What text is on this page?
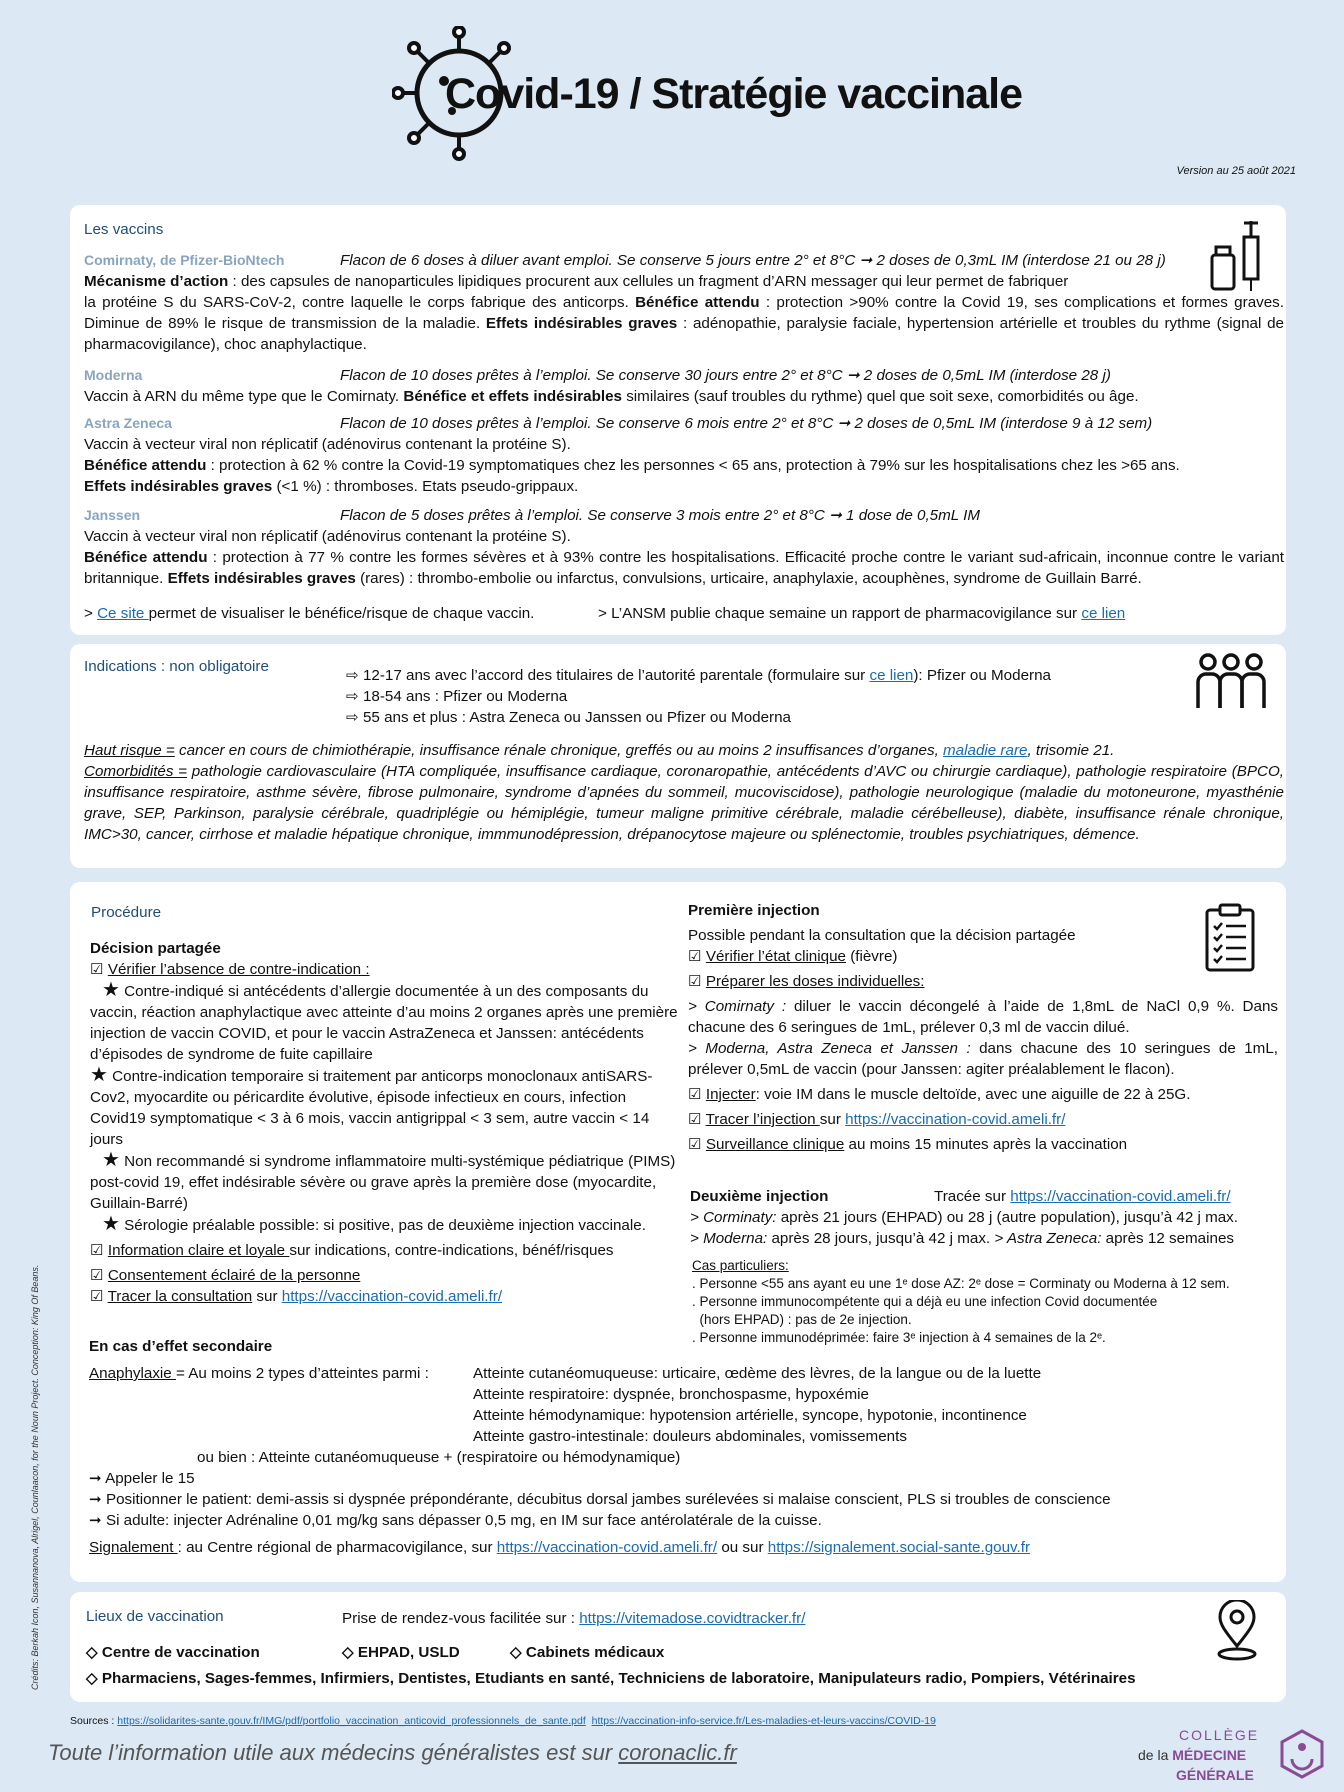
Covid-19 / Stratégie vaccinale
Version au 25 août 2021
Les vaccins
Comirnaty, de Pfizer-BioNtech	Flacon de 6 doses à diluer avant emploi. Se conserve 5 jours entre 2° et 8°C ➞ 2 doses de 0,3mL IM (interdose 21 ou 28 j)
Mécanisme d’action : des capsules de nanoparticules lipidiques procurent aux cellules un fragment d’ARN messager qui leur permet de fabriquer
la protéine S du SARS-CoV-2, contre laquelle le corps fabrique des anticorps. Bénéfice attendu : protection >90% contre la Covid 19, ses complications et formes graves. Diminue de 89% le risque de transmission de la maladie. Effets indésirables graves : adénopathie, paralysie faciale, hypertension artérielle et troubles du rythme (signal de pharmacovigilance), choc anaphylactique.
Moderna	Flacon de 10 doses prêtes à l’emploi. Se conserve 30 jours entre 2° et 8°C ➞ 2 doses de 0,5mL IM (interdose 28 j)
Vaccin à ARN du même type que le Comirnaty. Bénéfice et effets indésirables similaires (sauf troubles du rythme) quel que soit sexe, comorbidités ou âge.
Astra Zeneca	Flacon de 10 doses prêtes à l’emploi. Se conserve 6 mois entre 2° et 8°C ➞ 2 doses de 0,5mL IM (interdose 9 à 12 sem)
Vaccin à vecteur viral non réplicatif (adénovirus contenant la protéine S).
Bénéfice attendu : protection à 62 % contre la Covid-19 symptomatiques chez les personnes < 65 ans, protection à 79% sur les hospitalisations chez les >65 ans.
Effets indésirables graves (<1 %) : thromboses. Etats pseudo-grippaux.
Janssen	Flacon de 5 doses prêtes à l’emploi. Se conserve 3 mois entre 2° et 8°C ➞ 1 dose de 0,5mL IM
Vaccin à vecteur viral non réplicatif (adénovirus contenant la protéine S).
Bénéfice attendu : protection à 77 % contre les formes sévères et à 93% contre les hospitalisations. Efficacité proche contre le variant sud-africain, inconnue contre le variant britannique. Effets indésirables graves (rares) : thrombo-embolie ou infarctus, convulsions, urticaire, anaphylaxie, acouphènes, syndrome de Guillain Barré.
> Ce site permet de visualiser le bénéfice/risque de chaque vaccin.	> L’ANSM publie chaque semaine un rapport de pharmacovigilance sur ce lien
Indications : non obligatoire
⇨ 12-17 ans avec l’accord des titulaires de l’autorité parentale (formulaire sur ce lien): Pfizer ou Moderna
⇨ 18-54 ans : Pfizer ou Moderna
⇨ 55 ans et plus : Astra Zeneca ou Janssen ou Pfizer ou Moderna
Haut risque = cancer en cours de chimiothérapie, insuffisance rénale chronique, greffés ou au moins 2 insuffisances d’organes, maladie rare, trisomie 21.
Comorbidités = pathologie cardiovasculaire (HTA compliquée, insuffisance cardiaque, coronaropathie, antécédents d’AVC ou chirurgie cardiaque), pathologie respiratoire (BPCO, insuffisance respiratoire, asthme sévère, fibrose pulmonaire, syndrome d’apnées du sommeil, mucoviscidose), pathologie neurologique (maladie du motoneurone, myasthénie grave, SEP, Parkinson, paralysie cérébrale, quadriplégie ou hémiplégie, tumeur maligne primitive cérébrale, maladie cérébelleuse), diabète, insuffisance rénale chronique, IMC>30, cancer, cirrhose et maladie hépatique chronique, immmunodépression, drépanocytose majeure ou splénectomie, troubles psychiatriques, démence.
Procédure
Décision partagée
☑ Vérifier l’absence de contre-indication :
★ Contre-indiqué si antécédents d’allergie documentée à un des composants du vaccin, réaction anaphylactique avec atteinte d’au moins 2 organes après une première injection de vaccin COVID, et pour le vaccin AstraZeneca et Janssen: antécédents d’épisodes de syndrome de fuite capillaire
★ Contre-indication temporaire si traitement par anticorps monoclonaux antiSARS-Cov2, myocardite ou péricardite évolutive, épisode infectieux en cours, infection Covid19 symptomatique < 3 à 6 mois, vaccin antigrippal < 3 sem, autre vaccin < 14 jours
★ Non recommandé si syndrome inflammatoire multi-systémique pédiatrique (PIMS) post-covid 19, effet indésirable sévère ou grave après la première dose (myocardite, Guillain-Barré)
★ Sérologie préalable possible: si positive, pas de deuxième injection vaccinale.
☑ Information claire et loyale sur indications, contre-indications, bénéf/risques
☑ Consentement éclairé de la personne
☑ Tracer la consultation sur https://vaccination-covid.ameli.fr/
Première injection
Possible pendant la consultation que la décision partagée
☑ Vérifier l’état clinique (fièvre)
☑ Préparer les doses individuelles:
> Comirnaty : diluer le vaccin décongelé à l’aide de 1,8mL de NaCl 0,9 %. Dans chacune des 6 seringues de 1mL, prélever 0,3 ml de vaccin dilué.
> Moderna, Astra Zeneca et Janssen : dans chacune des 10 seringues de 1mL, prélever 0,5mL de vaccin (pour Janssen: agiter préalablement le flacon).
☑ Injecter: voie IM dans le muscle deltoïde, avec une aiguille de 22 à 25G.
☑ Tracer l’injection sur https://vaccination-covid.ameli.fr/
☑ Surveillance clinique au moins 15 minutes après la vaccination
Deuxième injection	Tracée sur https://vaccination-covid.ameli.fr/
> Corminaty: après 21 jours (EHPAD) ou 28 j (autre population), jusqu’à 42 j max.
> Moderna: après 28 jours, jusqu’à 42 j max. > Astra Zeneca: après 12 semaines
Cas particuliers:
. Personne <55 ans ayant eu une 1ᵉ dose AZ: 2ᵉ dose = Corminaty ou Moderna à 12 sem.
. Personne immunocompétente qui a déjà eu une infection Covid documentée
(hors EHPAD) : pas de 2e injection.
. Personne immunodéprimée: faire 3ᵉ injection à 4 semaines de la 2ᵉ.
En cas d’effet secondaire
Anaphylaxie = Au moins 2 types d’atteintes parmi :	Atteinte cutanéomuqueuse: urticaire, œdème des lèvres, de la langue ou de la luette
Atteinte respiratoire: dyspnée, bronchospasme, hypoxémie
Atteinte hémodynamique: hypotension artérielle, syncope, hypotonie, incontinence
Atteinte gastro-intestinale: douleurs abdominales, vomissements
ou bien : Atteinte cutanéomuqueuse + (respiratoire ou hémodynamique)
➞ Appeler le 15
➞ Positionner le patient: demi-assis si dyspnée prépondérante, décubitus dorsal jambes surélevées si malaise conscient, PLS si troubles de conscience
➞ Si adulte: injecter Adrénaline 0,01 mg/kg sans dépasser 0,5 mg, en IM sur face antérolatérale de la cuisse.
Signalement : au Centre régional de pharmacovigilance, sur https://vaccination-covid.ameli.fr/ ou sur https://signalement.social-sante.gouv.fr
Lieux de vaccination	Prise de rendez-vous facilitée sur : https://vitemadose.covidtracker.fr/
◇ Centre de vaccination	◇ EHPAD, USLD	◇ Cabinets médicaux
◇ Pharmaciens, Sages-femmes, Infirmiers, Dentistes, Etudiants en santé, Techniciens de laboratoire, Manipulateurs radio, Pompiers, Vétérinaires
Crédits: Berkah Icon, Susannanova, Alrigel, Counlaacon, for the Noun Project. Conception: King Of Beans.
Sources : https://solidarites-sante.gouv.fr/IMG/pdf/portfolio_vaccination_anticovid_professionnels_de_sante.pdf https://vaccination-info-service.fr/Les-maladies-et-leurs-vaccins/COVID-19
Toute l’information utile aux médecins généralistes est sur coronaclic.fr
COLLÈGE
de la MÉDECINE
GÉNÉRALE
